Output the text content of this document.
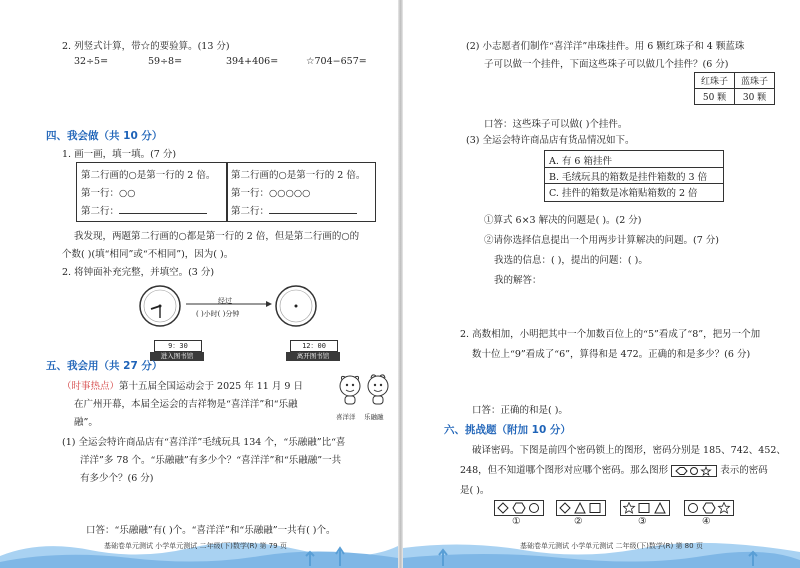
2. 列竖式计算，带☆的要验算。(13 分)
32÷5=	59÷8=	394+406=	☆704−657=
四、我会做（共 10 分）
1. 画一画，填一填。(7 分)
第二行画的○是第一行的 2 倍。
第一行：○○
第二行：
第二行画的○是第一行的 2 倍。
第一行：○○○○○
第二行：
我发现，两题第二行画的○都是第一行的 2 倍，但是第二行画的○的
个数( )(填“相同”或“不相同”)，因为( )。
2. 将钟面补充完整，并填空。(3 分)
9：30
进入图书馆
12：00
离开图书馆
经过
( )小时( )分钟
五、我会用（共 27 分）
（时事热点）第十五届全国运动会于 2025 年 11 月 9 日
在广州开幕，本届全运会的吉祥物是“喜洋洋”和“乐融
融”。	喜洋洋 乐融融
(1) 全运会特许商品店有“喜洋洋”毛绒玩具 134 个，“乐融融”比“喜
洋洋”多 78 个。“乐融融”有多少个？“喜洋洋”和“乐融融”一共
有多少个？(6 分)
口答：“乐融融”有( )个。“喜洋洋”和“乐融融”一共有( )个。
基础卷单元测试 小学单元测试 二年级(下)数学(R) 第 79 页
(2) 小志愿者们制作“喜洋洋”串珠挂件。用 6 颗红珠子和 4 颗蓝珠
子可以做一个挂件，下面这些珠子可以做几个挂件？(6 分)
红珠子	蓝珠子
50 颗	30 颗
口答：这些珠子可以做( )个挂件。
(3) 全运会特许商品店有货品情况如下。
A. 有 6 箱挂件
B. 毛绒玩具的箱数是挂件箱数的 3 倍
C. 挂件的箱数是冰箱贴箱数的 2 倍
①算式 6×3 解决的问题是( )。(2 分)
②请你选择信息提出一个用两步计算解决的问题。(7 分)
我选的信息：( )，提出的问题：( )。
我的解答：
2. 高数相加，小明把其中一个加数百位上的“5”看成了“8”，把另一个加
数十位上“9”看成了“6”，算得和是 472。正确的和是多少？(6 分)
口答：正确的和是( )。
六、挑战题（附加 10 分）
破译密码。下图是前四个密码锁上的图形，密码分别是 185、742、452、
248，但不知道哪个图形对应哪个密码。那么图形	表示的密码
是( )。
①	②	③	④
基础卷单元测试 小学单元测试 二年级(下)数学(R) 第 80 页
